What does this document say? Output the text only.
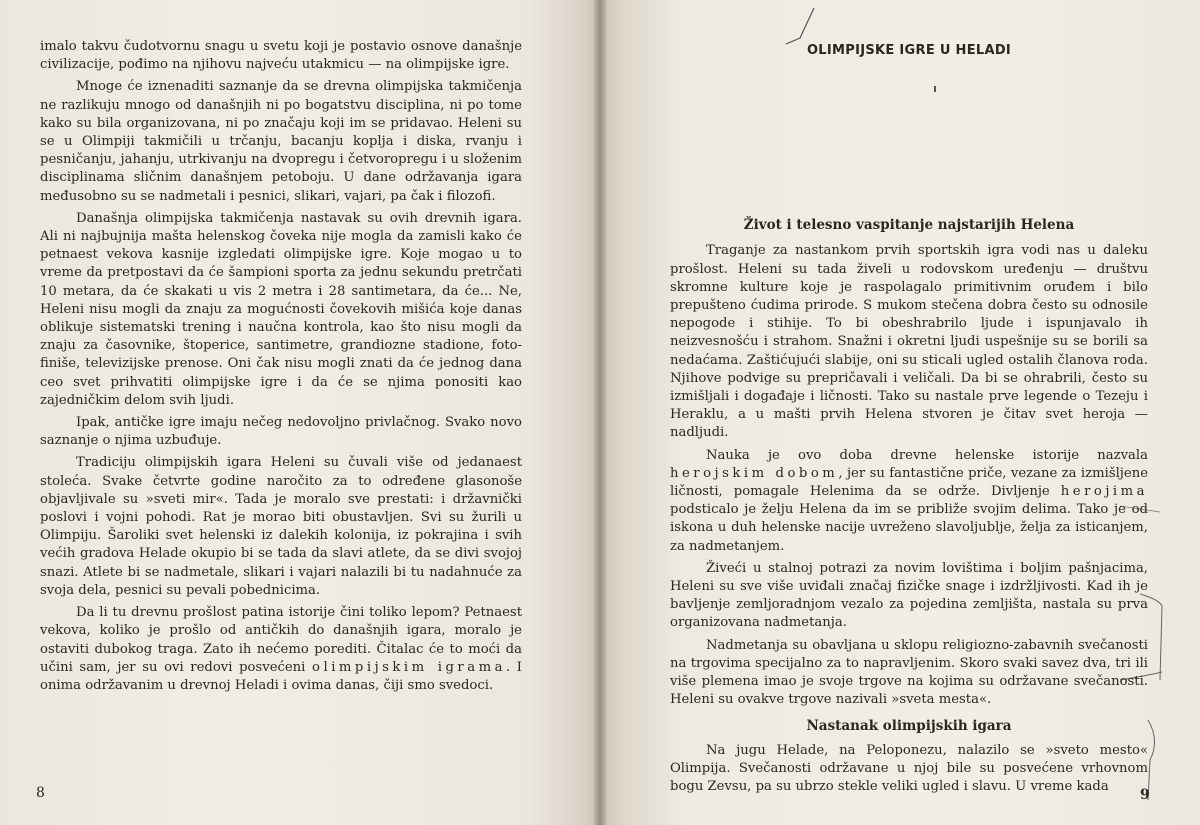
imalo takvu čudotvornu snagu u svetu koji je postavio osnove današnje civilizacije, pođimo na njihovu najveću utakmicu — na olimpijske igre.

Mnoge će iznenaditi saznanje da se drevna olimpijska takmičenja ne razlikuju mnogo od današnjih ni po bogatstvu disciplina, ni po tome kako su bila organizovana, ni po značaju koji im se pridavao. Heleni su se u Olimpiji takmičili u trčanju, bacanju koplja i diska, rvanju i pesničanju, jahanju, utrkivanju na dvopregu i četvoropregu i u složenim disciplinama sličnim današnjem petoboju. U dane održavanja igara međusobno su se nadmetali i pesnici, slikari, vajari, pa čak i filozofi.

Današnja olimpijska takmičenja nastavak su ovih drevnih igara. Ali ni najbujnija mašta helenskog čoveka nije mogla da zamisli kako će petnaest vekova kasnije izgledati olimpijske igre. Koje mogao u to vreme da pretpostavi da će šampioni sporta za jednu sekundu pretrčati 10 metara, da će skakati u vis 2 metra i 28 santimetara, da će... Ne, Heleni nisu mogli da znaju za mogućnosti čovekovih mišića koje danas oblikuje sistematski trening i naučna kontrola, kao što nisu mogli da znaju za časovnike, štoperice, santimetre, grandiozne stadione, foto-finiše, televizijske prenose. Oni čak nisu mogli znati da će jednog dana ceo svet prihvatiti olimpijske igre i da će se njima ponositi kao zajedničkim delom svih ljudi.

Ipak, antičke igre imaju nečeg nedovoljno privlačnog. Svako novo saznanje o njima uzbuđuje.

Tradiciju olimpijskih igara Heleni su čuvali više od jedanaest stoleća. Svake četvrte godine naročito za to određene glasonoše objavljivale su »sveti mir«. Tada je moralo sve prestati: i državnički poslovi i vojni pohodi. Rat je morao biti obustavljen. Svi su žurili u Olimpiju. Šaroliki svet helenski iz dalekih kolonija, iz pokrajina i svih većih gradova Helade okupio bi se tada da slavi atlete, da se divi svojoj snazi. Atlete bi se nadmetale, slikari i vajari nalazili bi tu nadahnuće za svoja dela, pesnici su pevali pobednicima.

Da li tu drevnu prošlost patina istorije čini toliko lepom? Petnaest vekova, koliko je prošlo od antičkih do današnjih igara, moralo je ostaviti dubokog traga. Zato ih nećemo porediti. Čitalac će to moći da učini sam, jer su ovi redovi posvećeni olimpijskim igrama. I onima održavanim u drevnoj Heladi i ovima danas, čiji smo svedoci.

8
OLIMPIJSKE IGRE U HELADI
Život i telesno vaspitanje najstarijih Helena

Traganje za nastankom prvih sportskih igra vodi nas u daleku prošlost. Heleni su tada živeli u rodovskom uređenju — društvu skromne kulture koje je raspolagalo primitivnim oruđem i bilo prepušteno ćudima prirode. S mukom stečena dobra često su odnosile nepogode i stihije. To bi obeshrabrilo ljude i ispunjavalo ih neizvesnošću i strahom. Snažni i okretni ljudi uspešnije su se borili sa nedaćama. Zaštićujući slabije, oni su sticali ugled ostalih članova roda. Njihove podvige su prepričavali i veličali. Da bi se ohrabrili, često su izmišljali i događaje i ličnosti. Tako su nastale prve legende o Tezeju i Heraklu, a u mašti prvih Helena stvoren je čitav svet heroja — nadljudi.

Nauka je ovo doba drevne helenske istorije nazvala herojskim dobom, jer su fantastične priče, vezane za izmišljene ličnosti, pomagale Helenima da se održe. Divljenje herojima podsticalo je želju Helena da im se približe svojim delima. Tako je od iskona u duh helenske nacije uvreženo slavoljublje, želja za isticanjem, za nadmetanjem.

Živeći u stalnoj potrazi za novim lovištima i boljim pašnjacima, Heleni su sve više uviđali značaj fizičke snage i izdržljivosti. Kad ih je bavljenje zemljoradnjom vezalo za pojedina zemljišta, nastala su prva organizovana nadmetanja.

Nadmetanja su obavljana u sklopu religiozno-zabavnih svečanosti na trgovima specijalno za to napravljenim. Skoro svaki savez dva, tri ili više plemena imao je svoje trgove na kojima su održavane svečanosti. Heleni su ovakve trgove nazivali »sveta mesta«.

Nastanak olimpijskih igara

Na jugu Helade, na Peloponezu, nalazilo se »sveto mesto« Olimpija. Svečanosti održavane u njoj bile su posvećene vrhovnom bogu Zevsu, pa su ubrzo stekle veliki ugled i slavu. U vreme kada

9
